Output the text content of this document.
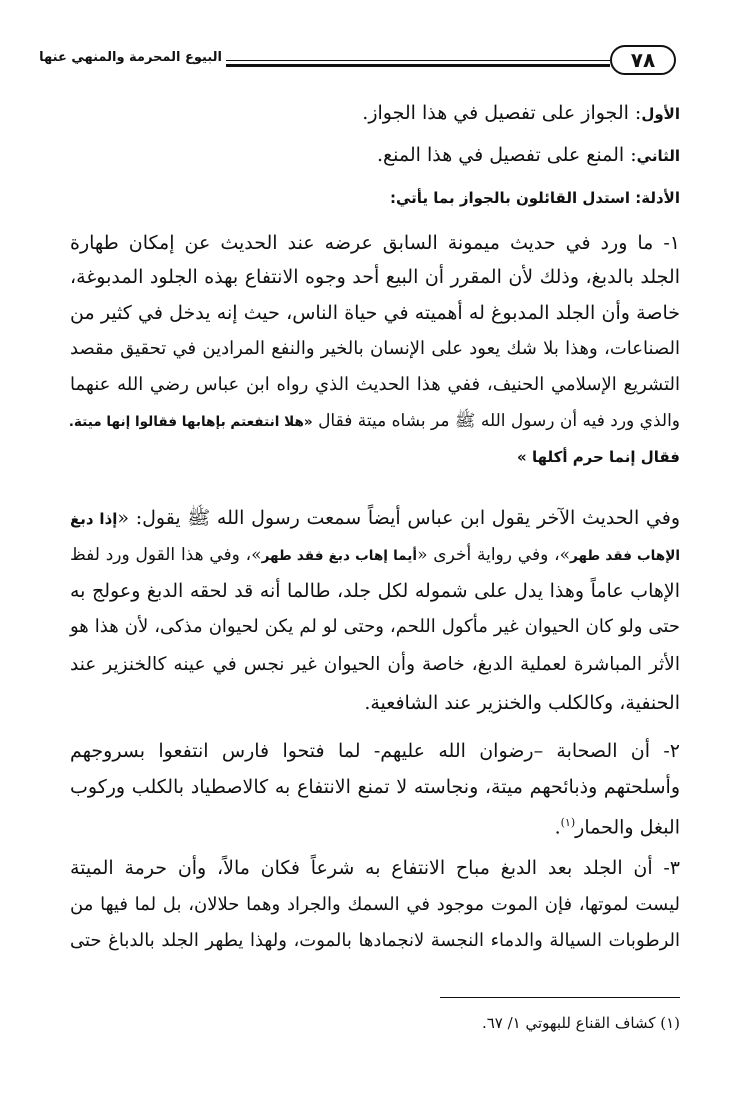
البيوع المحرمة والمنهي عنها	٧٨
الأول: الجواز على تفصيل في هذا الجواز.
الثاني: المنع على تفصيل في هذا المنع.
الأدلة: استدل القائلون بالجواز بما يأتي:
١- ما ورد في حديث ميمونة السابق عرضه عند الحديث عن إمكان طهارة
الجلد بالدبغ، وذلك لأن المقرر أن البيع أحد وجوه الانتفاع بهذه الجلود المدبوغة،
خاصة وأن الجلد المدبوغ له أهميته في حياة الناس، حيث إنه يدخل في كثير من
الصناعات، وهذا بلا شك يعود على الإنسان بالخير والنفع المرادين في تحقيق مقصد
التشريع الإسلامي الحنيف، ففي هذا الحديث الذي رواه ابن عباس رضي الله عنهما
والذي ورد فيه أن رسول الله ﷺ مر بشاه ميتة فقال «هلا انتفعتم بإهابها فقالوا إنها ميتة.
فقال إنما حرم أكلها »
وفي الحديث الآخر يقول ابن عباس أيضاً سمعت رسول الله ﷺ يقول: «إذا دبغ
الإهاب فقد طهر»، وفي رواية أخرى «أيما إهاب دبغ فقد طهر»، وفي هذا القول ورد لفظ
الإهاب عاماً وهذا يدل على شموله لكل جلد، طالما أنه قد لحقه الدبغ وعولج به
حتى ولو كان الحيوان غير مأكول اللحم، وحتى لو لم يكن لحيوان مذكى، لأن هذا هو
الأثر المباشرة لعملية الدبغ، خاصة وأن الحيوان غير نجس في عينه كالخنزير عند
الحنفية، وكالكلب والخنزير عند الشافعية.
٢- أن الصحابة –رضوان الله عليهم- لما فتحوا فارس انتفعوا بسروجهم
وأسلحتهم وذبائحهم ميتة، ونجاسته لا تمنع الانتفاع به كالاصطياد بالكلب وركوب
البغل والحمار$^{(١)}$.
٣- أن الجلد بعد الدبغ مباح الانتفاع به شرعاً فكان مالاً، وأن حرمة الميتة
ليست لموتها، فإن الموت موجود في السمك والجراد وهما حلالان، بل لما فيها من
الرطوبات السيالة والدماء النجسة لانجمادها بالموت، ولهذا يطهر الجلد بالدباغ حتى
(١) كشاف القناع للبهوتي ١/ ٦٧.
